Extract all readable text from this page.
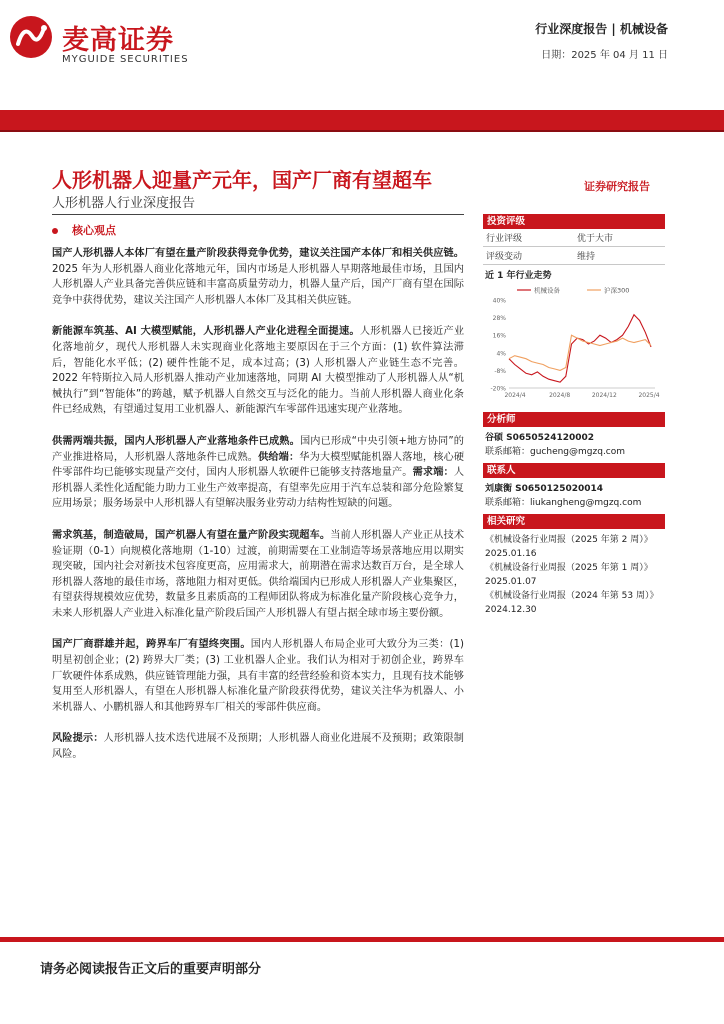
麦高证券
MYGUIDE SECURITIES
行业深度报告 | 机械设备
日期：2025 年 04 月 11 日
人形机器人迎量产元年，国产厂商有望超车
人形机器人行业深度报告
证券研究报告
核心观点

国产人形机器人本体厂有望在量产阶段获得竞争优势，建议关注国产本体厂和相关供应链。2025 年为人形机器人商业化落地元年，国内市场是人形机器人早期落地最佳市场，且国内人形机器人产业具备完善供应链和丰富高质量劳动力，机器人量产后，国产厂商有望在国际竞争中获得优势，建议关注国产人形机器人本体厂及其相关供应链。

新能源车筑基、AI 大模型赋能，人形机器人产业化进程全面提速。人形机器人已接近产业化落地前夕，现代人形机器人未实现商业化落地主要原因在于三个方面：(1) 软件算法滞后，智能化水平低；(2) 硬件性能不足，成本过高；(3) 人形机器人产业链生态不完善。2022 年特斯拉入局人形机器人推动产业加速落地，同期 AI 大模型推动了人形机器人从“机械执行”到“智能体”的跨越，赋予机器人自然交互与泛化的能力。当前人形机器人商业化条件已经成熟，有望通过复用工业机器人、新能源汽车零部件迅速实现产业落地。

供需两端共振，国内人形机器人产业落地条件已成熟。国内已形成“中央引领+地方协同”的产业推进格局，人形机器人落地条件已成熟。供给端：华为大模型赋能机器人落地，核心硬件零部件均已能够实现量产交付，国内人形机器人软硬件已能够支持落地量产。需求端：人形机器人柔性化适配能力助力工业生产效率提高，有望率先应用于汽车总装和部分危险繁复应用场景；服务场景中人形机器人有望解决服务业劳动力结构性短缺的问题。

需求筑基，制造破局，国产机器人有望在量产阶段实现超车。当前人形机器人产业正从技术验证期（0-1）向规模化落地期（1-10）过渡，前期需要在工业制造等场景落地应用以期实现突破，国内社会对新技术包容度更高，应用需求大，前期潜在需求达数百万台，是全球人形机器人落地的最佳市场，落地阻力相对更低。供给端国内已形成人形机器人产业集聚区，有望获得规模效应优势，数量多且素质高的工程师团队将成为标准化量产阶段核心竞争力，未来人形机器人产业进入标准化量产阶段后国产人形机器人有望占据全球市场主要份额。

国产厂商群雄并起，跨界车厂有望终突围。国内人形机器人布局企业可大致分为三类：(1) 明星初创企业；(2) 跨界大厂类；(3) 工业机器人企业。我们认为相对于初创企业，跨界车厂软硬件体系成熟，供应链管理能力强，具有丰富的经营经验和资本实力，且现有技术能够复用至人形机器人，有望在人形机器人标准化量产阶段获得优势，建议关注华为机器人、小米机器人、小鹏机器人和其他跨界车厂相关的零部件供应商。

风险提示：人形机器人技术迭代进展不及预期；人形机器人商业化进展不及预期；政策限制风险。

投资评级
行业评级	优于大市
评级变动	维持
近 1 年行业走势
-20%
-8%
4%
16%
28%
40%
2024/4	2024/8	2024/12	2025/4
机械设备	沪深300
分析师
谷硕 S0650524120002
联系邮箱：gucheng@mgzq.com
联系人
刘康衡 S0650125020014
联系邮箱：liukangheng@mgzq.com
相关研究
《机械设备行业周报（2025 年第 2 周）》
2025.01.16
《机械设备行业周报（2025 年第 1 周）》
2025.01.07
《机械设备行业周报（2024 年第 53 周）》
2024.12.30
请务必阅读报告正文后的重要声明部分
